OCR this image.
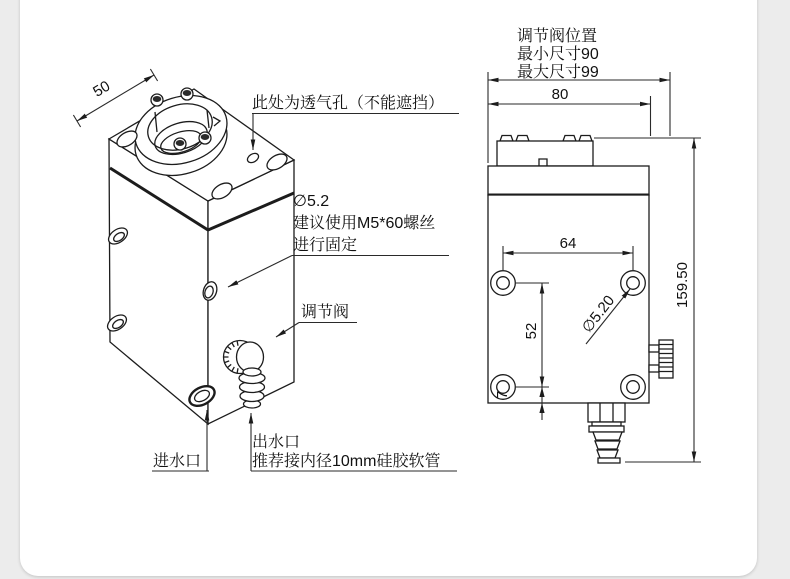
50
此处为透气孔（不能遮挡）
∅5.2
建议使用M5*60螺丝
进行固定
调节阀
进水口
出水口
推荐接内径10mm硅胶软管
调节阀位置
最小尺寸90
最大尺寸99
80
159.50
64
52
7
∅5.20
